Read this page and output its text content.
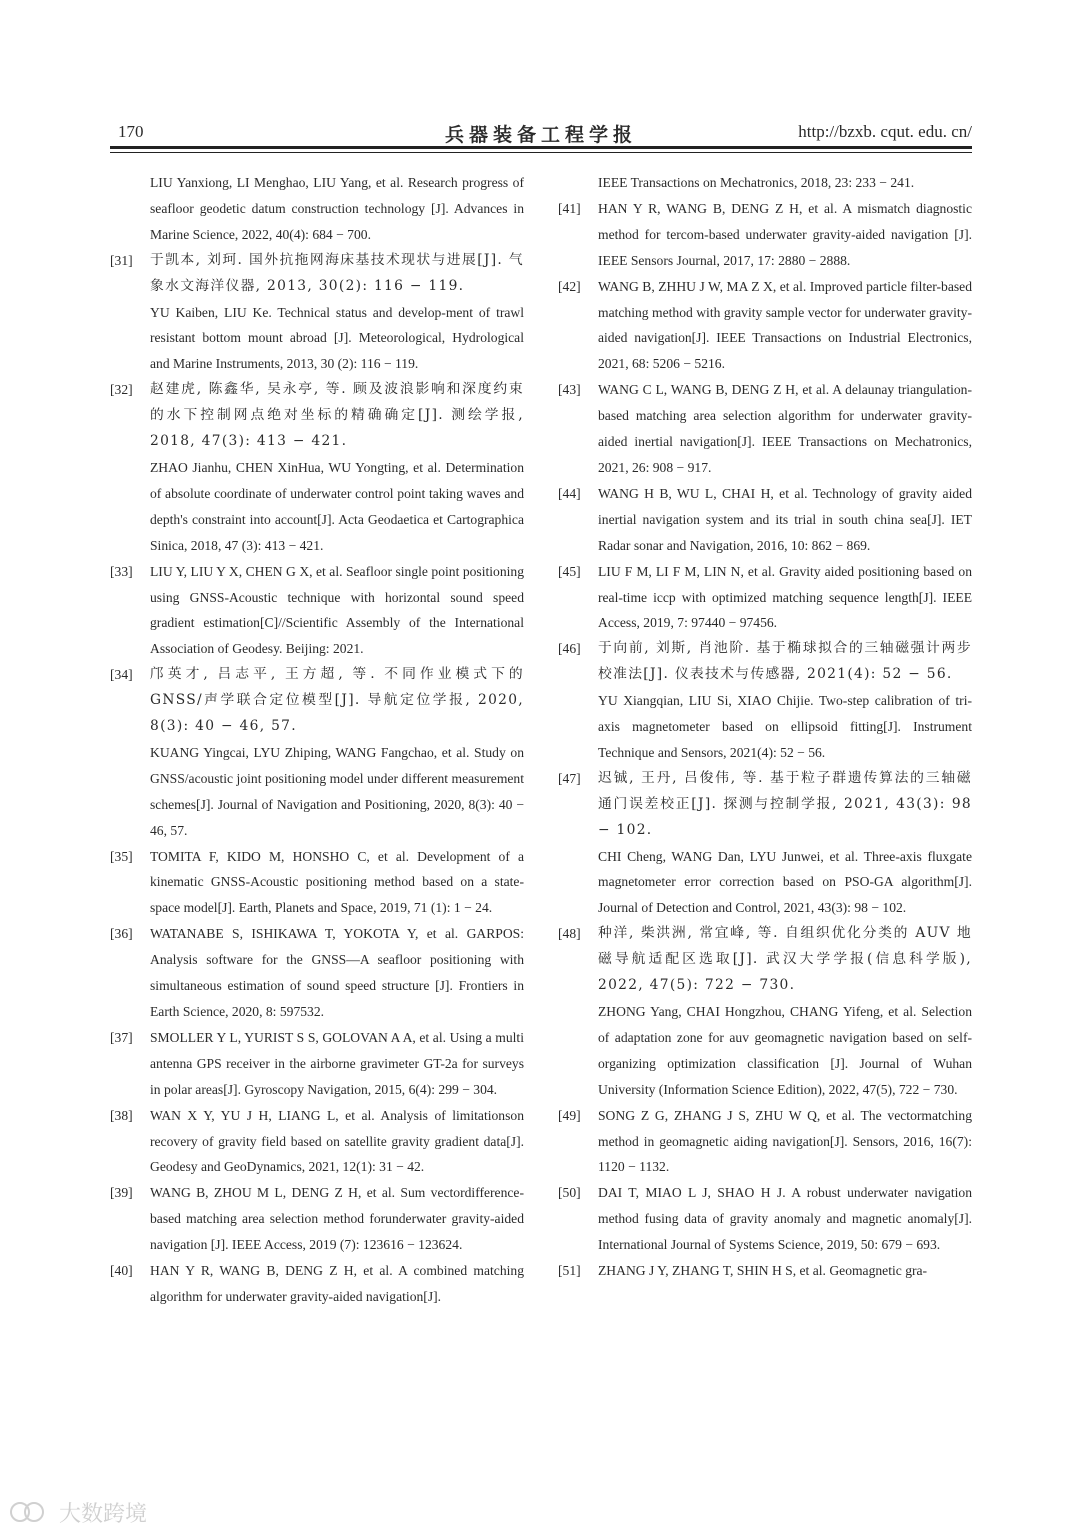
170	兵器装备工程学报	http://bzxb. cqut. edu. cn/

LIU Yanxiong, LI Menghao, LIU Yang, et al. Research progress of seafloor geodetic datum construction technology [J]. Advances in Marine Science, 2022, 40(4): 684 − 700.

[31] 于凯本, 刘珂. 国外抗拖网海床基技术现状与进展[J]. 气象水文海洋仪器, 2013, 30(2): 116 − 119.

YU Kaiben, LIU Ke. Technical status and develop-ment of trawl resistant bottom mount abroad [J]. Meteorological, Hydrological and Marine Instruments, 2013, 30 (2): 116 − 119.

[32] 赵建虎, 陈鑫华, 吴永亭, 等. 顾及波浪影响和深度约束的水下控制网点绝对坐标的精确确定[J]. 测绘学报, 2018, 47(3): 413 − 421.

ZHAO Jianhu, CHEN XinHua, WU Yongting, et al. Determination of absolute coordinate of underwater control point taking waves and depth's constraint into account[J]. Acta Geodaetica et Cartographica Sinica, 2018, 47 (3): 413 − 421.

[33] LIU Y, LIU Y X, CHEN G X, et al. Seafloor single point positioning using GNSS-Acoustic technique with horizontal sound speed gradient estimation[C]//Scientific Assembly of the International Association of Geodesy. Beijing: 2021.

[34] 邝英才, 吕志平, 王方超, 等. 不同作业模式下的 GNSS/声学联合定位模型[J]. 导航定位学报, 2020, 8(3): 40 − 46, 57.

KUANG Yingcai, LYU Zhiping, WANG Fangchao, et al. Study on GNSS/acoustic joint positioning model under different measurement schemes[J]. Journal of Navigation and Positioning, 2020, 8(3): 40 − 46, 57.

[35] TOMITA F, KIDO M, HONSHO C, et al. Development of a kinematic GNSS-Acoustic positioning method based on a state-space model[J]. Earth, Planets and Space, 2019, 71 (1): 1 − 24.

[36] WATANABE S, ISHIKAWA T, YOKOTA Y, et al. GARPOS: Analysis software for the GNSS—A seafloor positioning with simultaneous estimation of sound speed structure [J]. Frontiers in Earth Science, 2020, 8: 597532.

[37] SMOLLER Y L, YURIST S S, GOLOVAN A A, et al. Using a multi antenna GPS receiver in the airborne gravimeter GT-2a for surveys in polar areas[J]. Gyroscopy Navigation, 2015, 6(4): 299 − 304.

[38] WAN X Y, YU J H, LIANG L, et al. Analysis of limitationson recovery of gravity field based on satellite gravity gradient data[J]. Geodesy and GeoDynamics, 2021, 12(1): 31 − 42.

[39] WANG B, ZHOU M L, DENG Z H, et al. Sum vectordifference-based matching area selection method forunderwater gravity-aided navigation [J]. IEEE Access, 2019 (7): 123616 − 123624.

[40] HAN Y R, WANG B, DENG Z H, et al. A combined matching algorithm for underwater gravity-aided navigation[J].

IEEE Transactions on Mechatronics, 2018, 23: 233 − 241.

[41] HAN Y R, WANG B, DENG Z H, et al. A mismatch diagnostic method for tercom-based underwater gravity-aided navigation [J]. IEEE Sensors Journal, 2017, 17: 2880 − 2888.

[42] WANG B, ZHHU J W, MA Z X, et al. Improved particle filter-based matching method with gravity sample vector for underwater gravity-aided navigation[J]. IEEE Transactions on Industrial Electronics, 2021, 68: 5206 − 5216.

[43] WANG C L, WANG B, DENG Z H, et al. A delaunay triangulation-based matching area selection algorithm for underwater gravity-aided inertial navigation[J]. IEEE Transactions on Mechatronics, 2021, 26: 908 − 917.

[44] WANG H B, WU L, CHAI H, et al. Technology of gravity aided inertial navigation system and its trial in south china sea[J]. IET Radar sonar and Navigation, 2016, 10: 862 − 869.

[45] LIU F M, LI F M, LIN N, et al. Gravity aided positioning based on real-time iccp with optimized matching sequence length[J]. IEEE Access, 2019, 7: 97440 − 97456.

[46] 于向前, 刘斯, 肖池阶. 基于椭球拟合的三轴磁强计两步校准法[J]. 仪表技术与传感器, 2021(4): 52 − 56.

YU Xiangqian, LIU Si, XIAO Chijie. Two-step calibration of tri-axis magnetometer based on ellipsoid fitting[J]. Instrument Technique and Sensors, 2021(4): 52 − 56.

[47] 迟铖, 王丹, 吕俊伟, 等. 基于粒子群遗传算法的三轴磁通门误差校正[J]. 探测与控制学报, 2021, 43(3): 98 − 102.

CHI Cheng, WANG Dan, LYU Junwei, et al. Three-axis fluxgate magnetometer error correction based on PSO-GA algorithm[J]. Journal of Detection and Control, 2021, 43(3): 98 − 102.

[48] 种洋, 柴洪洲, 常宜峰, 等. 自组织优化分类的 AUV 地磁导航适配区选取[J]. 武汉大学学报(信息科学版), 2022, 47(5): 722 − 730.

ZHONG Yang, CHAI Hongzhou, CHANG Yifeng, et al. Selection of adaptation zone for auv geomagnetic navigation based on self-organizing optimization classification [J]. Journal of Wuhan University (Information Science Edition), 2022, 47(5), 722 − 730.

[49] SONG Z G, ZHANG J S, ZHU W Q, et al. The vectormatching method in geomagnetic aiding navigation[J]. Sensors, 2016, 16(7): 1120 − 1132.

[50] DAI T, MIAO L J, SHAO H J. A robust underwater navigation method fusing data of gravity anomaly and magnetic anomaly[J]. International Journal of Systems Science, 2019, 50: 679 − 693.

[51] ZHANG J Y, ZHANG T, SHIN H S, et al. Geomagnetic gra-

大数跨境
